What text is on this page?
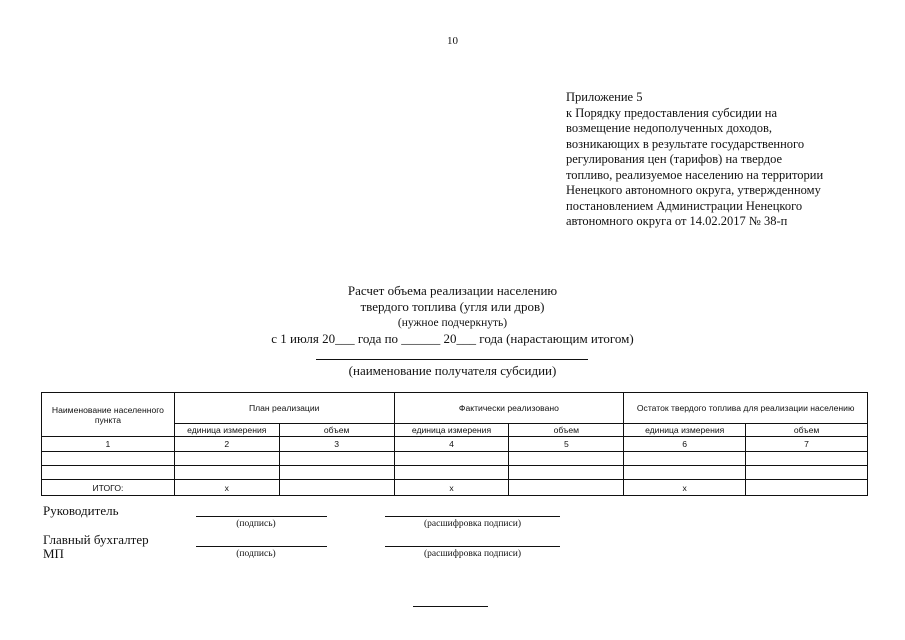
10
Приложение 5
к Порядку предоставления субсидии на
возмещение недополученных доходов,
возникающих в результате государственного
регулирования цен (тарифов) на твердое
топливо, реализуемое населению на территории
Ненецкого автономного округа, утвержденному
постановлением Администрации Ненецкого
автономного округа от 14.02.2017 № 38-п
Расчет объема реализации населению
твердого топлива (угля или дров)
(нужное подчеркнуть)
с 1 июля 20___ года по ______ 20___ года (нарастающим итогом)
(наименование получателя субсидии)
Наименование населенного пункта	План реализации		Фактически реализовано		Остаток твердого топлива для реализации населению	
	единица измерения	объем	единица измерения	объем	единица измерения	объем
1	2	3	4	5	6	7

ИТОГО:	х		х		х	
Руководитель
(подпись)	(расшифровка подписи)
Главный бухгалтер
МП	(подпись)	(расшифровка подписи)
